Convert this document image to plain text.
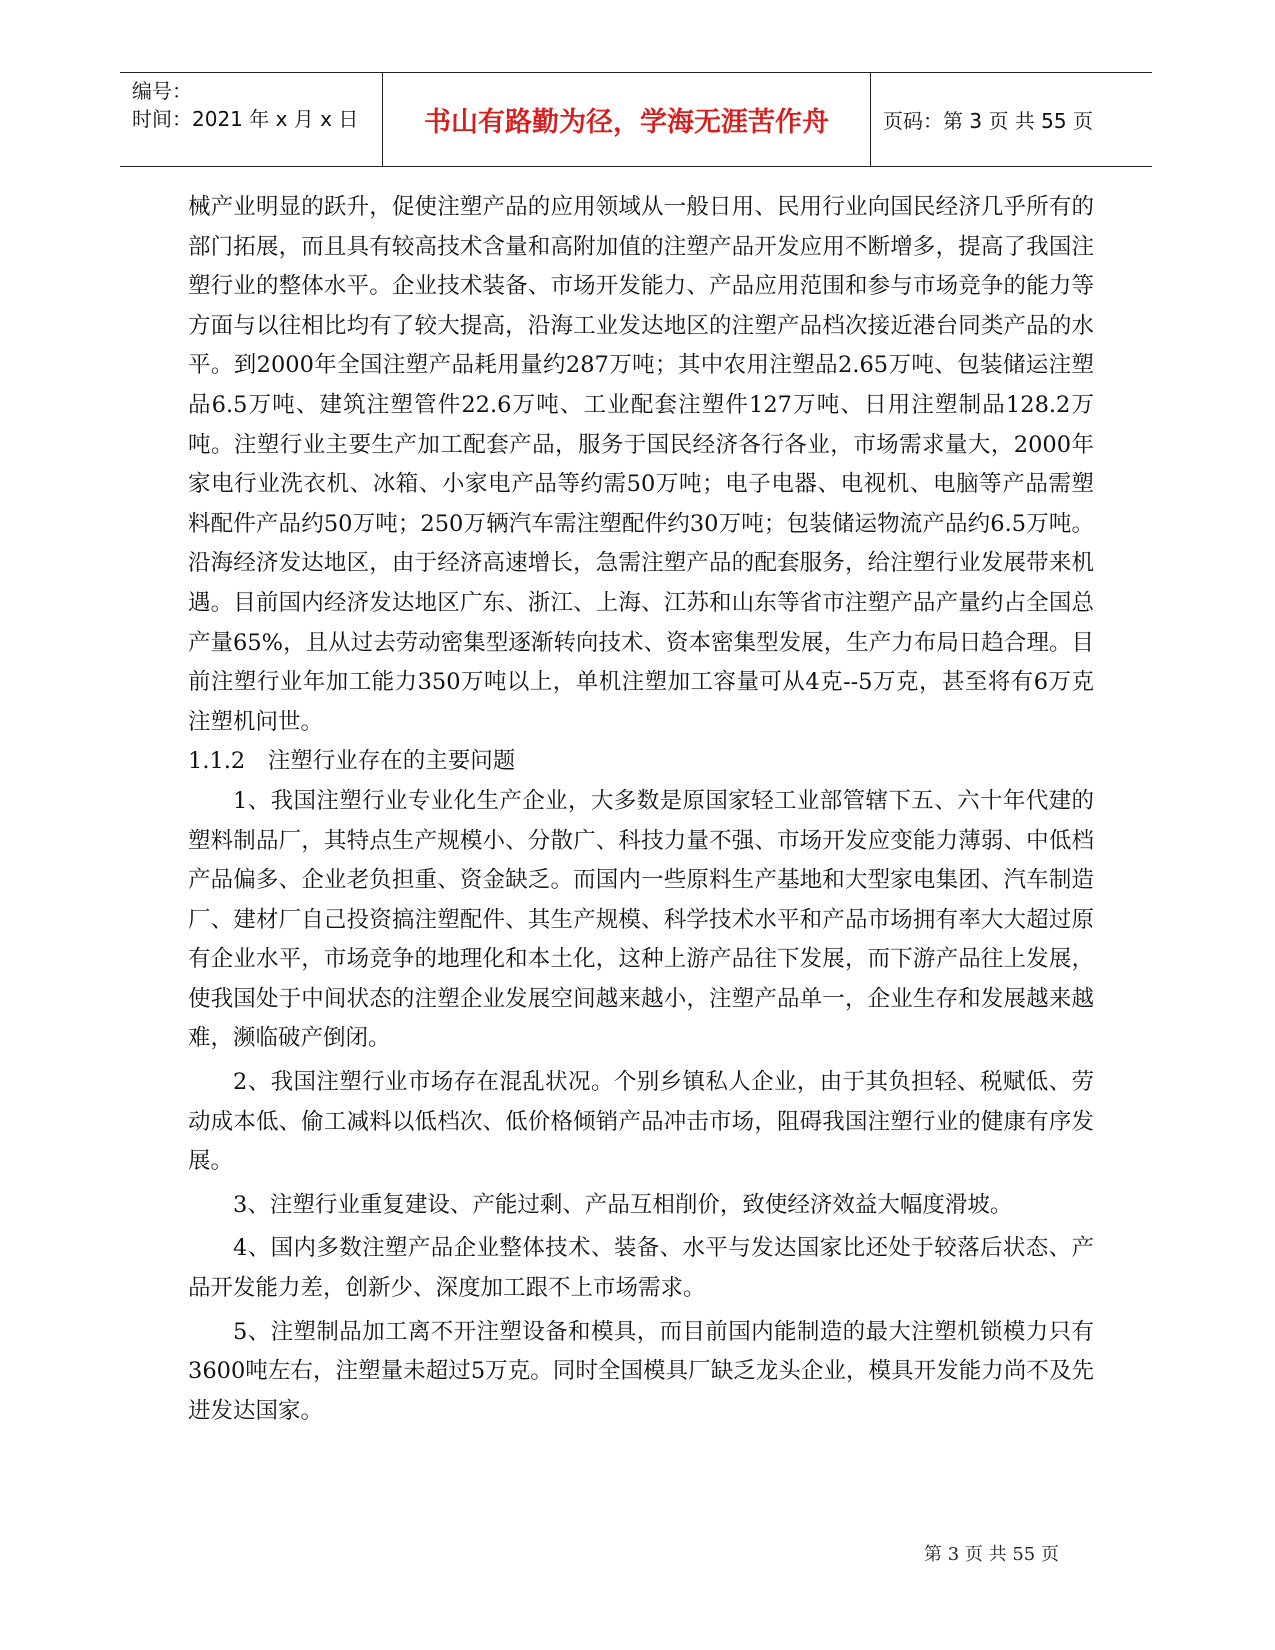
编号：
时间：2021 年 x 月 x 日	书山有路勤为径，学海无涯苦作舟	页码：第 3 页 共 55 页

械产业明显的跃升，促使注塑产品的应用领域从一般日用、民用行业向国民经济几乎所有的部门拓展，而且具有较高技术含量和高附加值的注塑产品开发应用不断增多，提高了我国注塑行业的整体水平。企业技术装备、市场开发能力、产品应用范围和参与市场竞争的能力等方面与以往相比均有了较大提高，沿海工业发达地区的注塑产品档次接近港台同类产品的水平。到2000年全国注塑产品耗用量约287万吨；其中农用注塑品2.65万吨、包装储运注塑品6.5万吨、建筑注塑管件22.6万吨、工业配套注塑件127万吨、日用注塑制品128.2万吨。注塑行业主要生产加工配套产品，服务于国民经济各行各业，市场需求量大，2000年家电行业洗衣机、冰箱、小家电产品等约需50万吨；电子电器、电视机、电脑等产品需塑料配件产品约50万吨；250万辆汽车需注塑配件约30万吨；包装储运物流产品约6.5万吨。沿海经济发达地区，由于经济高速增长，急需注塑产品的配套服务，给注塑行业发展带来机遇。目前国内经济发达地区广东、浙江、上海、江苏和山东等省市注塑产品产量约占全国总产量65%，且从过去劳动密集型逐渐转向技术、资本密集型发展，生产力布局日趋合理。目前注塑行业年加工能力350万吨以上，单机注塑加工容量可从4克--5万克，甚至将有6万克注塑机问世。

1.1.2　注塑行业存在的主要问题

1、我国注塑行业专业化生产企业，大多数是原国家轻工业部管辖下五、六十年代建的塑料制品厂，其特点生产规模小、分散广、科技力量不强、市场开发应变能力薄弱、中低档产品偏多、企业老负担重、资金缺乏。而国内一些原料生产基地和大型家电集团、汽车制造厂、建材厂自己投资搞注塑配件、其生产规模、科学技术水平和产品市场拥有率大大超过原有企业水平，市场竞争的地理化和本土化，这种上游产品往下发展，而下游产品往上发展，使我国处于中间状态的注塑企业发展空间越来越小，注塑产品单一，企业生存和发展越来越难，濒临破产倒闭。

2、我国注塑行业市场存在混乱状况。个别乡镇私人企业，由于其负担轻、税赋低、劳动成本低、偷工减料以低档次、低价格倾销产品冲击市场，阻碍我国注塑行业的健康有序发展。

3、注塑行业重复建设、产能过剩、产品互相削价，致使经济效益大幅度滑坡。

4、国内多数注塑产品企业整体技术、装备、水平与发达国家比还处于较落后状态、产品开发能力差，创新少、深度加工跟不上市场需求。

5、注塑制品加工离不开注塑设备和模具，而目前国内能制造的最大注塑机锁模力只有3600吨左右，注塑量未超过5万克。同时全国模具厂缺乏龙头企业，模具开发能力尚不及先进发达国家。

第 3 页 共 55 页
